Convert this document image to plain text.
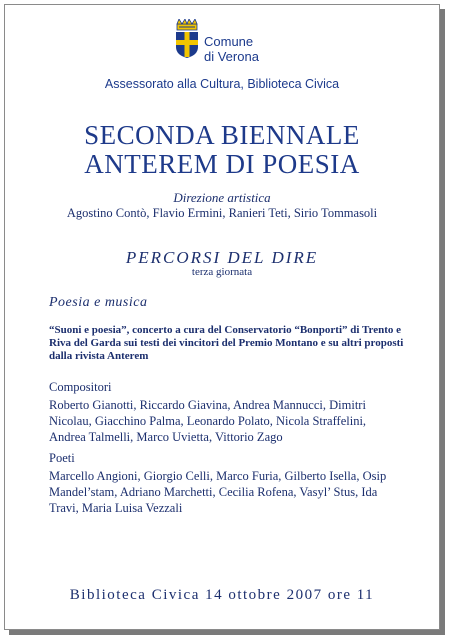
Comune
di Verona
Assessorato alla Cultura, Biblioteca Civica
SECONDA BIENNALE
ANTEREM DI POESIA
Direzione artistica
Agostino Contò, Flavio Ermini, Ranieri Teti, Sirio Tommasoli
PERCORSI DEL DIRE
terza giornata
Poesia e musica
“Suoni e poesia”, concerto a cura del Conservatorio “Bonporti” di Trento e Riva del Garda sui testi dei vincitori del Premio Montano e su altri proposti dalla rivista Anterem
Compositori
Roberto Gianotti, Riccardo Giavina, Andrea Mannucci, Dimitri Nicolau, Giacchino Palma, Leonardo Polato, Nicola Straffelini, Andrea Talmelli, Marco Uvietta, Vittorio Zago
Poeti
Marcello Angioni, Giorgio Celli, Marco Furia, Gilberto Isella, Osip Mandel’stam, Adriano Marchetti, Cecilia Rofena, Vasyl’ Stus, Ida Travi, Maria Luisa Vezzali
Biblioteca Civica 14 ottobre 2007 ore 11
